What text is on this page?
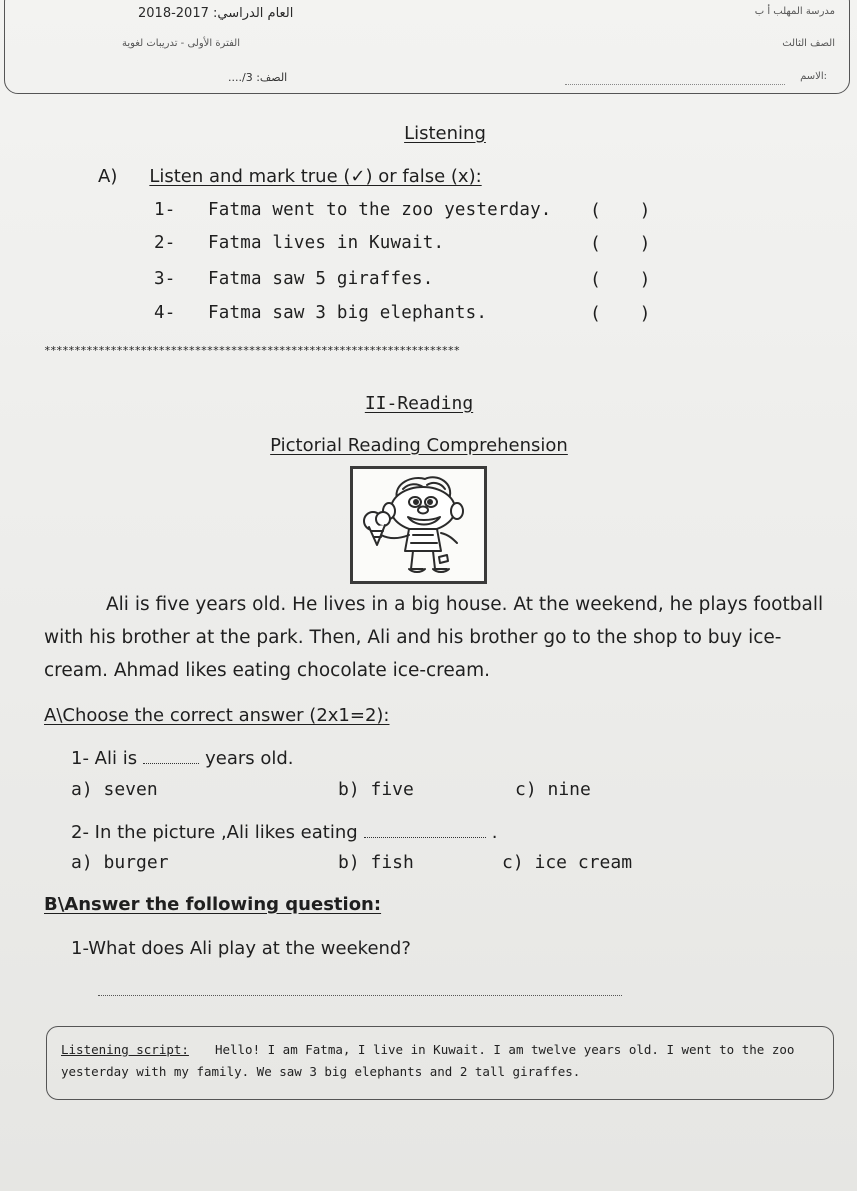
2018-2017 :العام الدراسي
الفترة الأولى - تدريبات لغوية
..../3 :الصف
مدرسة المهلب أ ب
الصف الثالث
:الاسم
Listening
A) Listen and mark true (✓) or false (x):
1- Fatma went to the zoo yesterday. ( )
2- Fatma lives in Kuwait.	( )
3- Fatma saw 5 giraffes.	( )
4- Fatma saw 3 big elephants.	( )
*********************************************************************
II-Reading
Pictorial Reading Comprehension
Ali is five years old. He lives in a big house. At the weekend, he plays football with his brother at the park. Then, Ali and his brother go to the shop to buy ice-cream. Ahmad likes eating chocolate ice-cream.
A\Choose the correct answer (2x1=2):
1- Ali is	years old.
a) seven	b) five	c) nine
2- In the picture ,Ali likes eating	.
a) burger	b) fish	c) ice cream
B\Answer the following question:
1-What does Ali play at the weekend?
Listening script: Hello! I am Fatma, I live in Kuwait. I am twelve years old. I went to the zoo yesterday with my family. We saw 3 big elephants and 2 tall giraffes.
